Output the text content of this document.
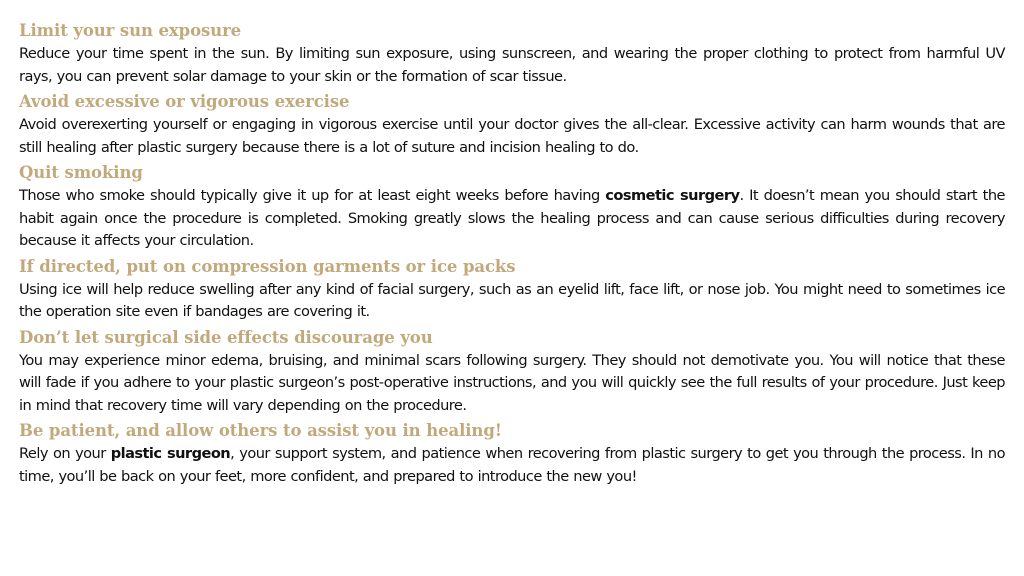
Limit your sun exposure

Reduce your time spent in the sun. By limiting sun exposure, using sunscreen, and wearing the proper clothing to protect from harmful UV rays, you can prevent solar damage to your skin or the formation of scar tissue.

Avoid excessive or vigorous exercise

Avoid overexerting yourself or engaging in vigorous exercise until your doctor gives the all-clear. Excessive activity can harm wounds that are still healing after plastic surgery because there is a lot of suture and incision healing to do.

Quit smoking

Those who smoke should typically give it up for at least eight weeks before having cosmetic surgery. It doesn’t mean you should start the habit again once the procedure is completed. Smoking greatly slows the healing process and can cause serious difficulties during recovery because it affects your circulation.

If directed, put on compression garments or ice packs

Using ice will help reduce swelling after any kind of facial surgery, such as an eyelid lift, face lift, or nose job. You might need to sometimes ice the operation site even if bandages are covering it.

Don’t let surgical side effects discourage you

You may experience minor edema, bruising, and minimal scars following surgery. They should not demotivate you. You will notice that these will fade if you adhere to your plastic surgeon’s post-operative instructions, and you will quickly see the full results of your procedure. Just keep in mind that recovery time will vary depending on the procedure.

Be patient, and allow others to assist you in healing!

Rely on your plastic surgeon, your support system, and patience when recovering from plastic surgery to get you through the process. In no time, you’ll be back on your feet, more confident, and prepared to introduce the new you!
